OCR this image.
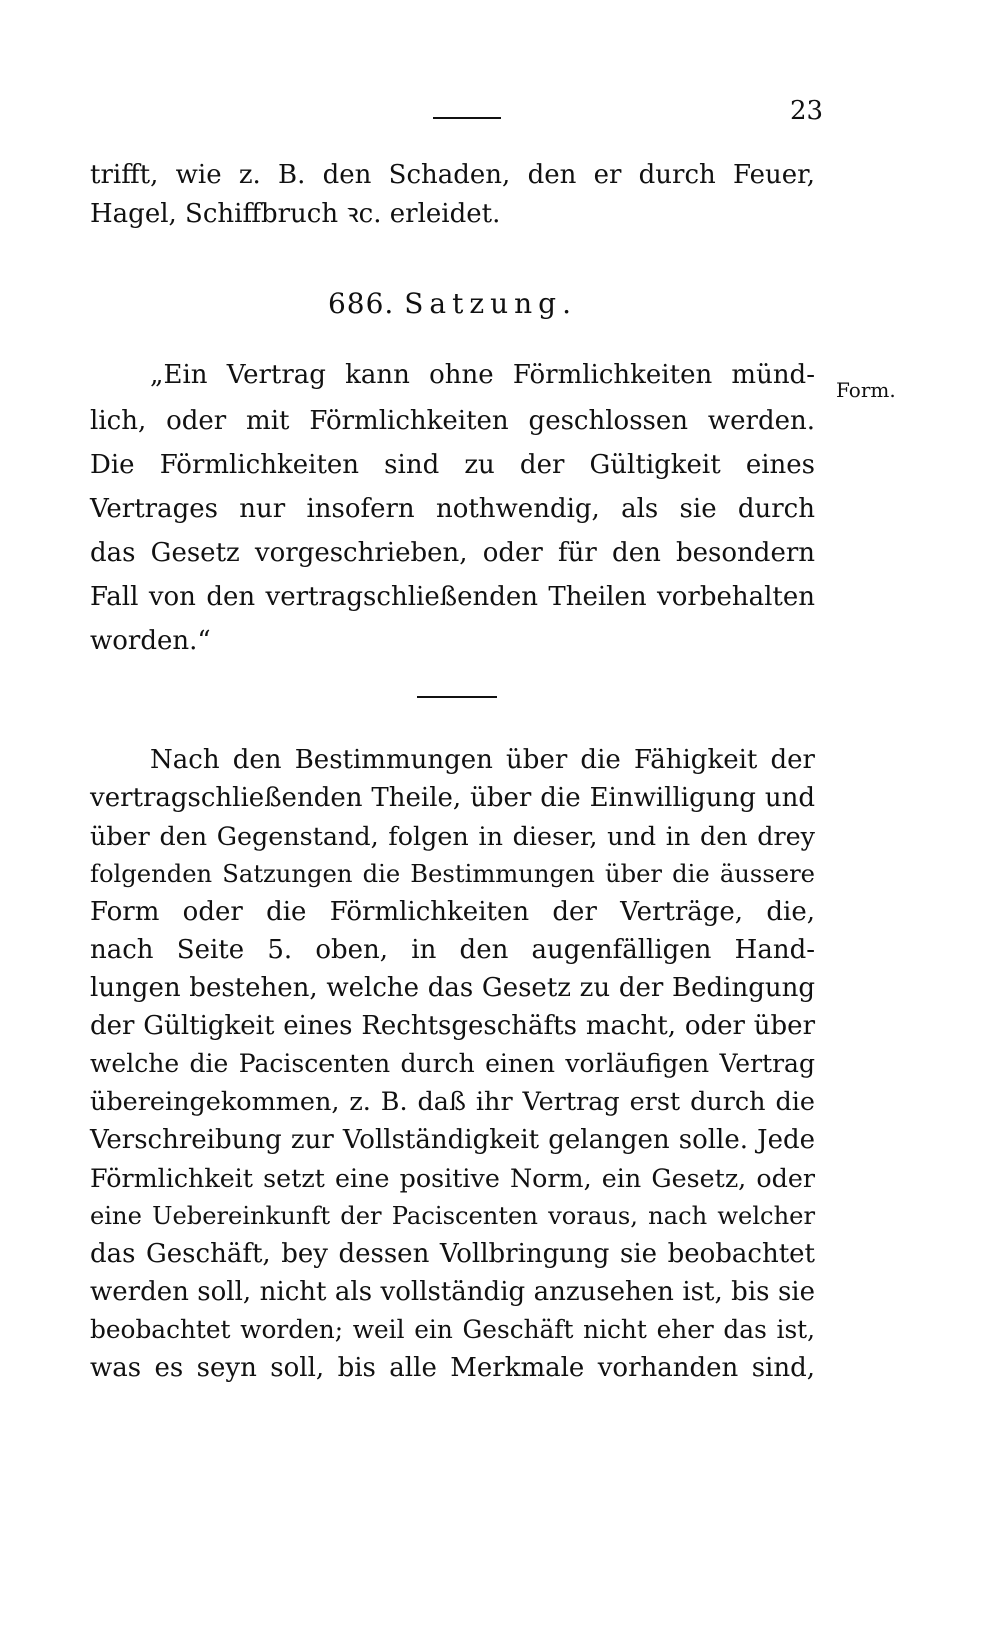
23
trifft, wie z. B. den Schaden, den er durch Feuer,
Hagel, Schiffbruch ꝛc. erleidet.
686. Satzung.
Form.
„Ein Vertrag kann ohne Förmlichkeiten münd-
lich, oder mit Förmlichkeiten geschlossen werden.
Die Förmlichkeiten sind zu der Gültigkeit eines
Vertrages nur insofern nothwendig, als sie durch
das Gesetz vorgeschrieben, oder für den besondern
Fall von den vertragschließenden Theilen vorbehalten
worden.“
Nach den Bestimmungen über die Fähigkeit der
vertragschließenden Theile, über die Einwilligung und
über den Gegenstand, folgen in dieser, und in den drey
folgenden Satzungen die Bestimmungen über die äussere
Form oder die Förmlichkeiten der Verträge, die,
nach Seite 5. oben, in den augenfälligen Hand-
lungen bestehen, welche das Gesetz zu der Bedingung
der Gültigkeit eines Rechtsgeschäfts macht, oder über
welche die Paciscenten durch einen vorläufigen Vertrag
übereingekommen, z. B. daß ihr Vertrag erst durch die
Verschreibung zur Vollständigkeit gelangen solle. Jede
Förmlichkeit setzt eine positive Norm, ein Gesetz, oder
eine Uebereinkunft der Paciscenten voraus, nach welcher
das Geschäft, bey dessen Vollbringung sie beobachtet
werden soll, nicht als vollständig anzusehen ist, bis sie
beobachtet worden; weil ein Geschäft nicht eher das ist,
was es seyn soll, bis alle Merkmale vorhanden sind,
